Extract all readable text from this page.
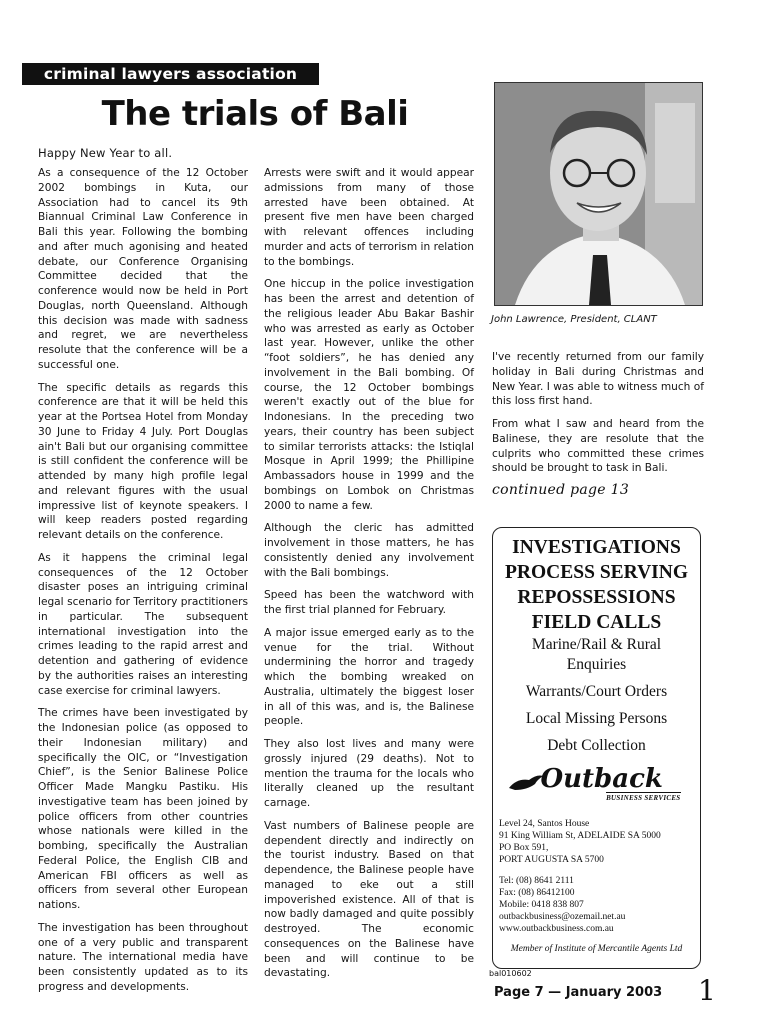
criminal lawyers association
The trials of Bali
Happy New Year to all.

As a consequence of the 12 October 2002 bombings in Kuta, our Association had to cancel its 9th Biannual Criminal Law Conference in Bali this year. Following the bombing and after much agonising and heated debate, our Conference Organising Committee decided that the conference would now be held in Port Douglas, north Queensland. Although this decision was made with sadness and regret, we are nevertheless resolute that the conference will be a successful one.

The specific details as regards this conference are that it will be held this year at the Portsea Hotel from Monday 30 June to Friday 4 July. Port Douglas ain't Bali but our organising committee is still confident the conference will be attended by many high profile legal and relevant figures with the usual impressive list of keynote speakers. I will keep readers posted regarding relevant details on the conference.

As it happens the criminal legal consequences of the 12 October disaster poses an intriguing criminal legal scenario for Territory practitioners in particular. The subsequent international investigation into the crimes leading to the rapid arrest and detention and gathering of evidence by the authorities raises an interesting case exercise for criminal lawyers.

The crimes have been investigated by the Indonesian police (as opposed to their Indonesian military) and specifically the OIC, or “Investigation Chief”, is the Senior Balinese Police Officer Made Mangku Pastiku. His investigative team has been joined by police officers from other countries whose nationals were killed in the bombing, specifically the Australian Federal Police, the English CIB and American FBI officers as well as officers from several other European nations.

The investigation has been throughout one of a very public and transparent nature. The international media have been consistently updated as to its progress and developments.

Arrests were swift and it would appear admissions from many of those arrested have been obtained. At present five men have been charged with relevant offences including murder and acts of terrorism in relation to the bombings.

One hiccup in the police investigation has been the arrest and detention of the religious leader Abu Bakar Bashir who was arrested as early as October last year. However, unlike the other “foot soldiers”, he has denied any involvement in the Bali bombing. Of course, the 12 October bombings weren't exactly out of the blue for Indonesians. In the preceding two years, their country has been subject to similar terrorists attacks: the Istiqlal Mosque in April 1999; the Phillipine Ambassadors house in 1999 and the bombings on Lombok on Christmas 2000 to name a few.

Although the cleric has admitted involvement in those matters, he has consistently denied any involvement with the Bali bombings.

Speed has been the watchword with the first trial planned for February.

A major issue emerged early as to the venue for the trial. Without undermining the horror and tragedy which the bombing wreaked on Australia, ultimately the biggest loser in all of this was, and is, the Balinese people.

They also lost lives and many were grossly injured (29 deaths). Not to mention the trauma for the locals who literally cleaned up the resultant carnage.

Vast numbers of Balinese people are dependent directly and indirectly on the tourist industry. Based on that dependence, the Balinese people have managed to eke out a still impoverished existence. All of that is now badly damaged and quite possibly destroyed. The economic consequences on the Balinese have been and will continue to be devastating.

John Lawrence, President, CLANT

I've recently returned from our family holiday in Bali during Christmas and New Year. I was able to witness much of this loss first hand.

From what I saw and heard from the Balinese, they are resolute that the culprits who committed these crimes should be brought to task in Bali.

continued page 13
INVESTIGATIONS
PROCESS SERVING
REPOSSESSIONS
FIELD CALLS
Marine/Rail & Rural Enquiries
Warrants/Court Orders
Local Missing Persons
Debt Collection
Outback
BUSINESS SERVICES
Level 24, Santos House
91 King William St, ADELAIDE SA 5000
PO Box 591,
PORT AUGUSTA SA 5700
Tel: (08) 8641 2111
Fax: (08) 86412100
Mobile: 0418 838 807
outbackbusiness@ozemail.net.au
www.outbackbusiness.com.au
Member of Institute of Mercantile Agents Ltd
bal010602
Page 7 — January 2003 1
